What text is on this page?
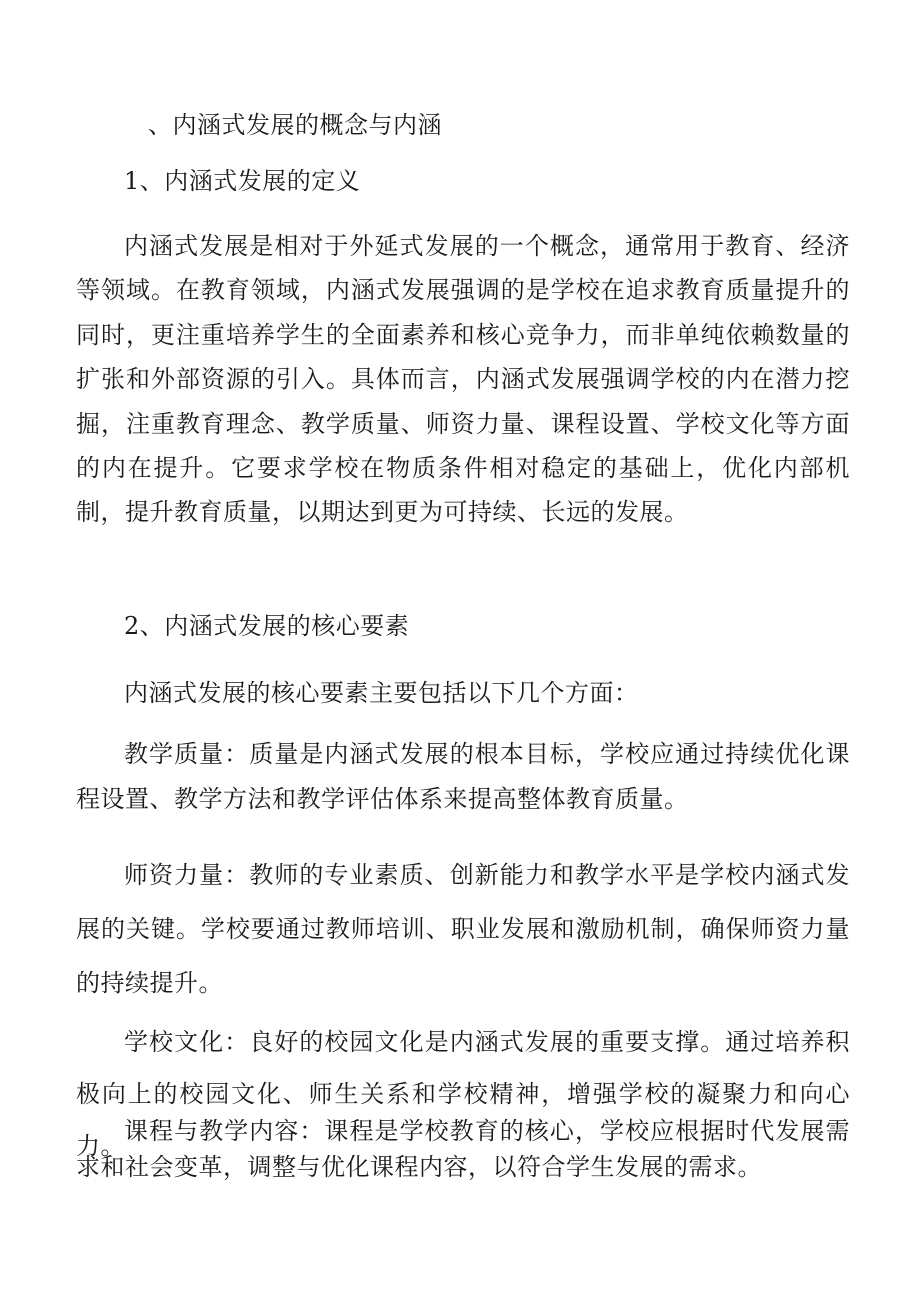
、内涵式发展的概念与内涵
1、内涵式发展的定义
内涵式发展是相对于外延式发展的一个概念，通常用于教育、经济等领域。在教育领域，内涵式发展强调的是学校在追求教育质量提升的同时，更注重培养学生的全面素养和核心竞争力，而非单纯依赖数量的扩张和外部资源的引入。具体而言，内涵式发展强调学校的内在潜力挖掘，注重教育理念、教学质量、师资力量、课程设置、学校文化等方面的内在提升。它要求学校在物质条件相对稳定的基础上，优化内部机制，提升教育质量，以期达到更为可持续、长远的发展。
2、内涵式发展的核心要素
内涵式发展的核心要素主要包括以下几个方面：
教学质量：质量是内涵式发展的根本目标，学校应通过持续优化课程设置、教学方法和教学评估体系来提高整体教育质量。
师资力量：教师的专业素质、创新能力和教学水平是学校内涵式发展的关键。学校要通过教师培训、职业发展和激励机制，确保师资力量的持续提升。
学校文化：良好的校园文化是内涵式发展的重要支撑。通过培养积极向上的校园文化、师生关系和学校精神，增强学校的凝聚力和向心力。
课程与教学内容：课程是学校教育的核心，学校应根据时代发展需求和社会变革，调整与优化课程内容，以符合学生发展的需求。
